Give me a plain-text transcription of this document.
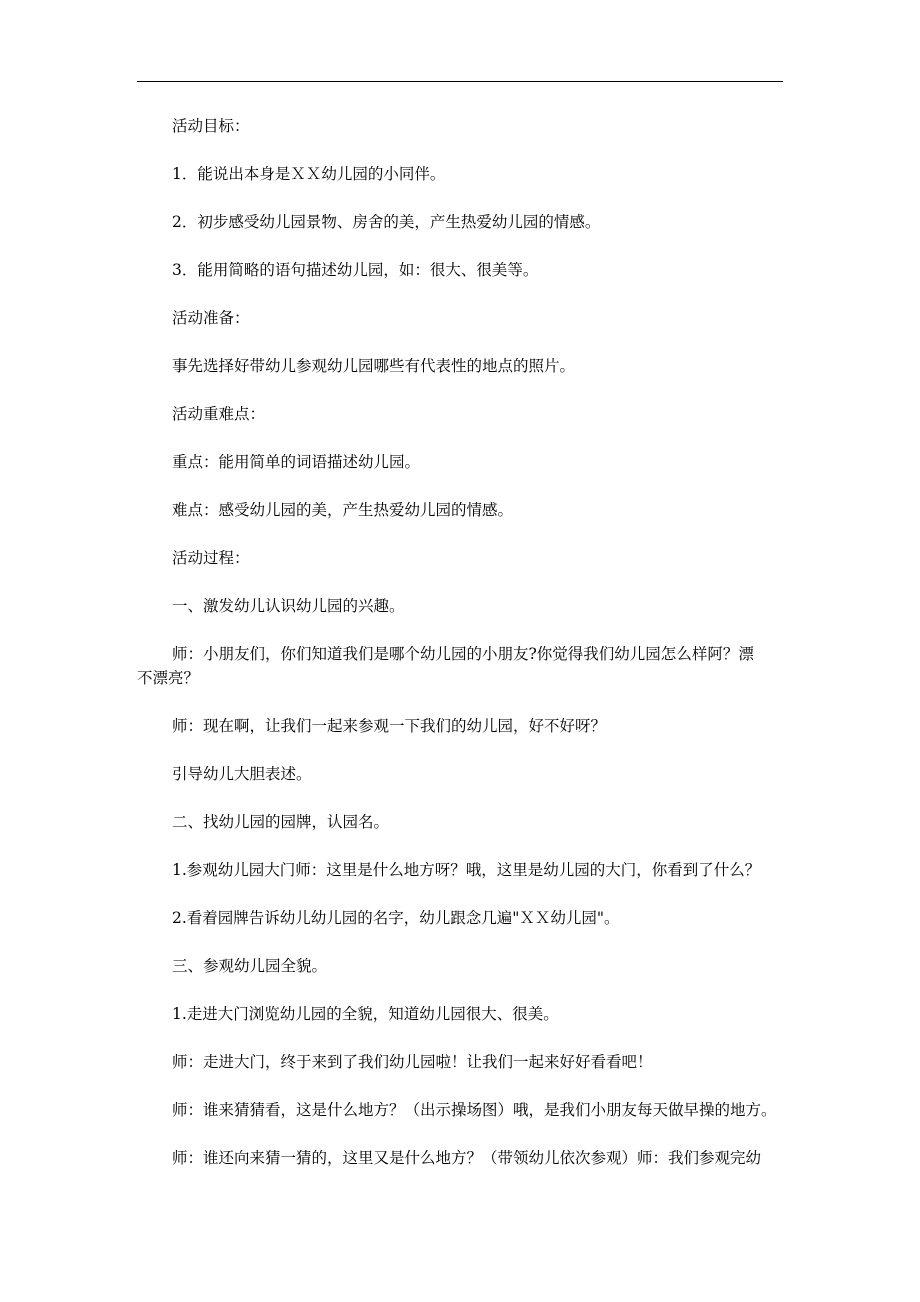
活动目标：
1．能说出本身是ＸＸ幼儿园的小同伴。
2．初步感受幼儿园景物、房舍的美，产生热爱幼儿园的情感。
3．能用简略的语句描述幼儿园，如：很大、很美等。
活动准备：
事先选择好带幼儿参观幼儿园哪些有代表性的地点的照片。
活动重难点：
重点：能用简单的词语描述幼儿园。
难点：感受幼儿园的美，产生热爱幼儿园的情感。
活动过程：
一、激发幼儿认识幼儿园的兴趣。
师：小朋友们，你们知道我们是哪个幼儿园的小朋友?你觉得我们幼儿园怎么样阿？漂
不漂亮？
师：现在啊，让我们一起来参观一下我们的幼儿园，好不好呀？
引导幼儿大胆表述。
二、找幼儿园的园牌，认园名。
1.参观幼儿园大门师：这里是什么地方呀？哦，这里是幼儿园的大门，你看到了什么？
2.看着园牌告诉幼儿幼儿园的名字，幼儿跟念几遍"ＸＸ幼儿园"。
三、参观幼儿园全貌。
1.走进大门浏览幼儿园的全貌，知道幼儿园很大、很美。
师：走进大门，终于来到了我们幼儿园啦！让我们一起来好好看看吧！
师：谁来猜猜看，这是什么地方？（出示操场图）哦，是我们小朋友每天做早操的地方。
师：谁还向来猜一猜的，这里又是什么地方？（带领幼儿依次参观）师：我们参观完幼
